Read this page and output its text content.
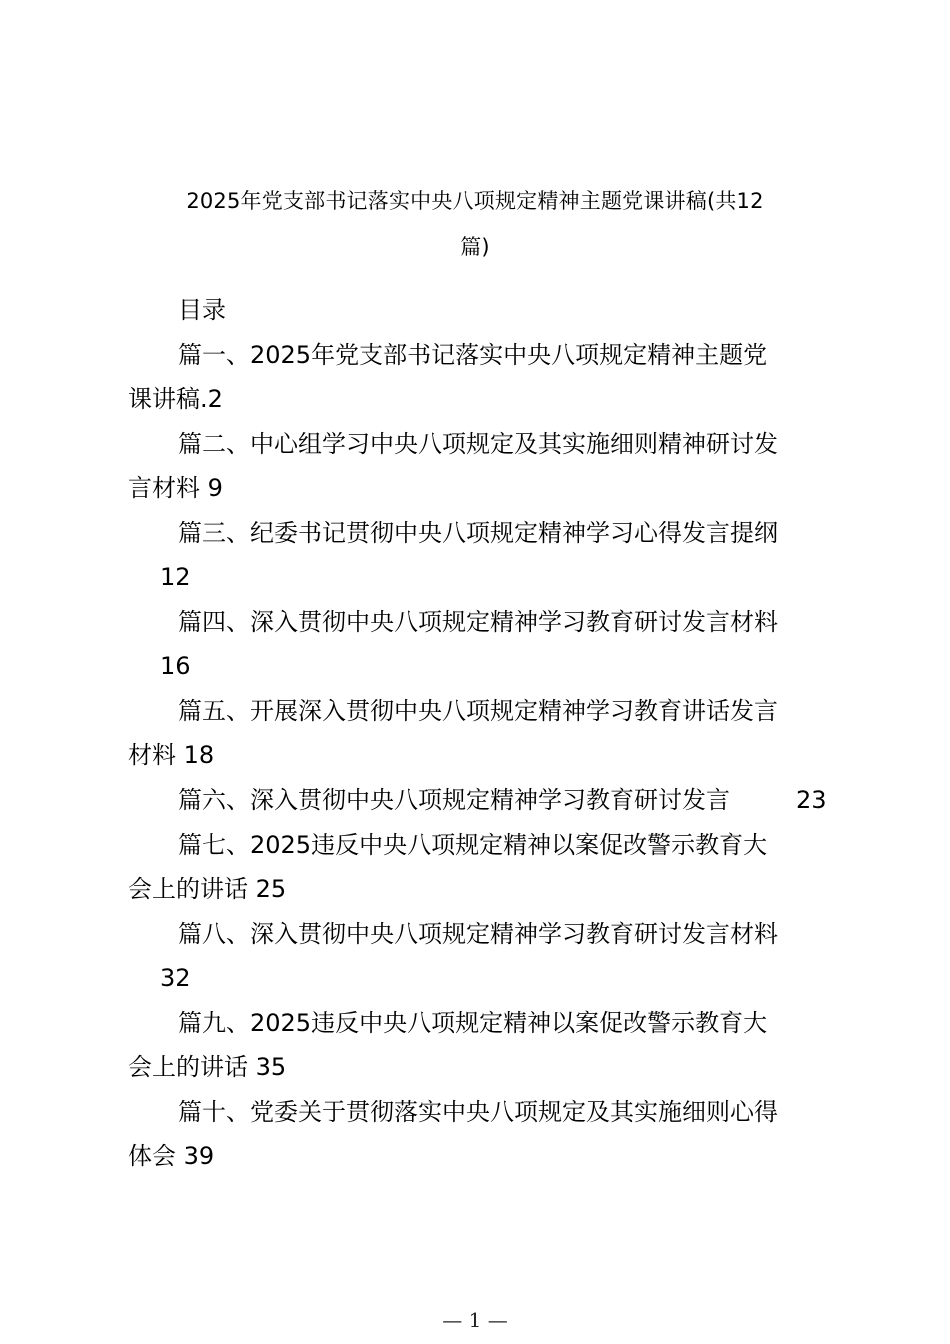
2025年党支部书记落实中央八项规定精神主题党课讲稿(共12
篇)
目录
篇一、2025年党支部书记落实中央八项规定精神主题党
课讲稿.2
篇二、中心组学习中央八项规定及其实施细则精神研讨发
言材料 9
篇三、纪委书记贯彻中央八项规定精神学习心得发言提纲
12
篇四、深入贯彻中央八项规定精神学习教育研讨发言材料
16
篇五、开展深入贯彻中央八项规定精神学习教育讲话发言
材料 18
篇六、深入贯彻中央八项规定精神学习教育研讨发言	23
篇七、2025违反中央八项规定精神以案促改警示教育大
会上的讲话 25
篇八、深入贯彻中央八项规定精神学习教育研讨发言材料
32
篇九、2025违反中央八项规定精神以案促改警示教育大
会上的讲话 35
篇十、党委关于贯彻落实中央八项规定及其实施细则心得
体会 39
— 1 —
